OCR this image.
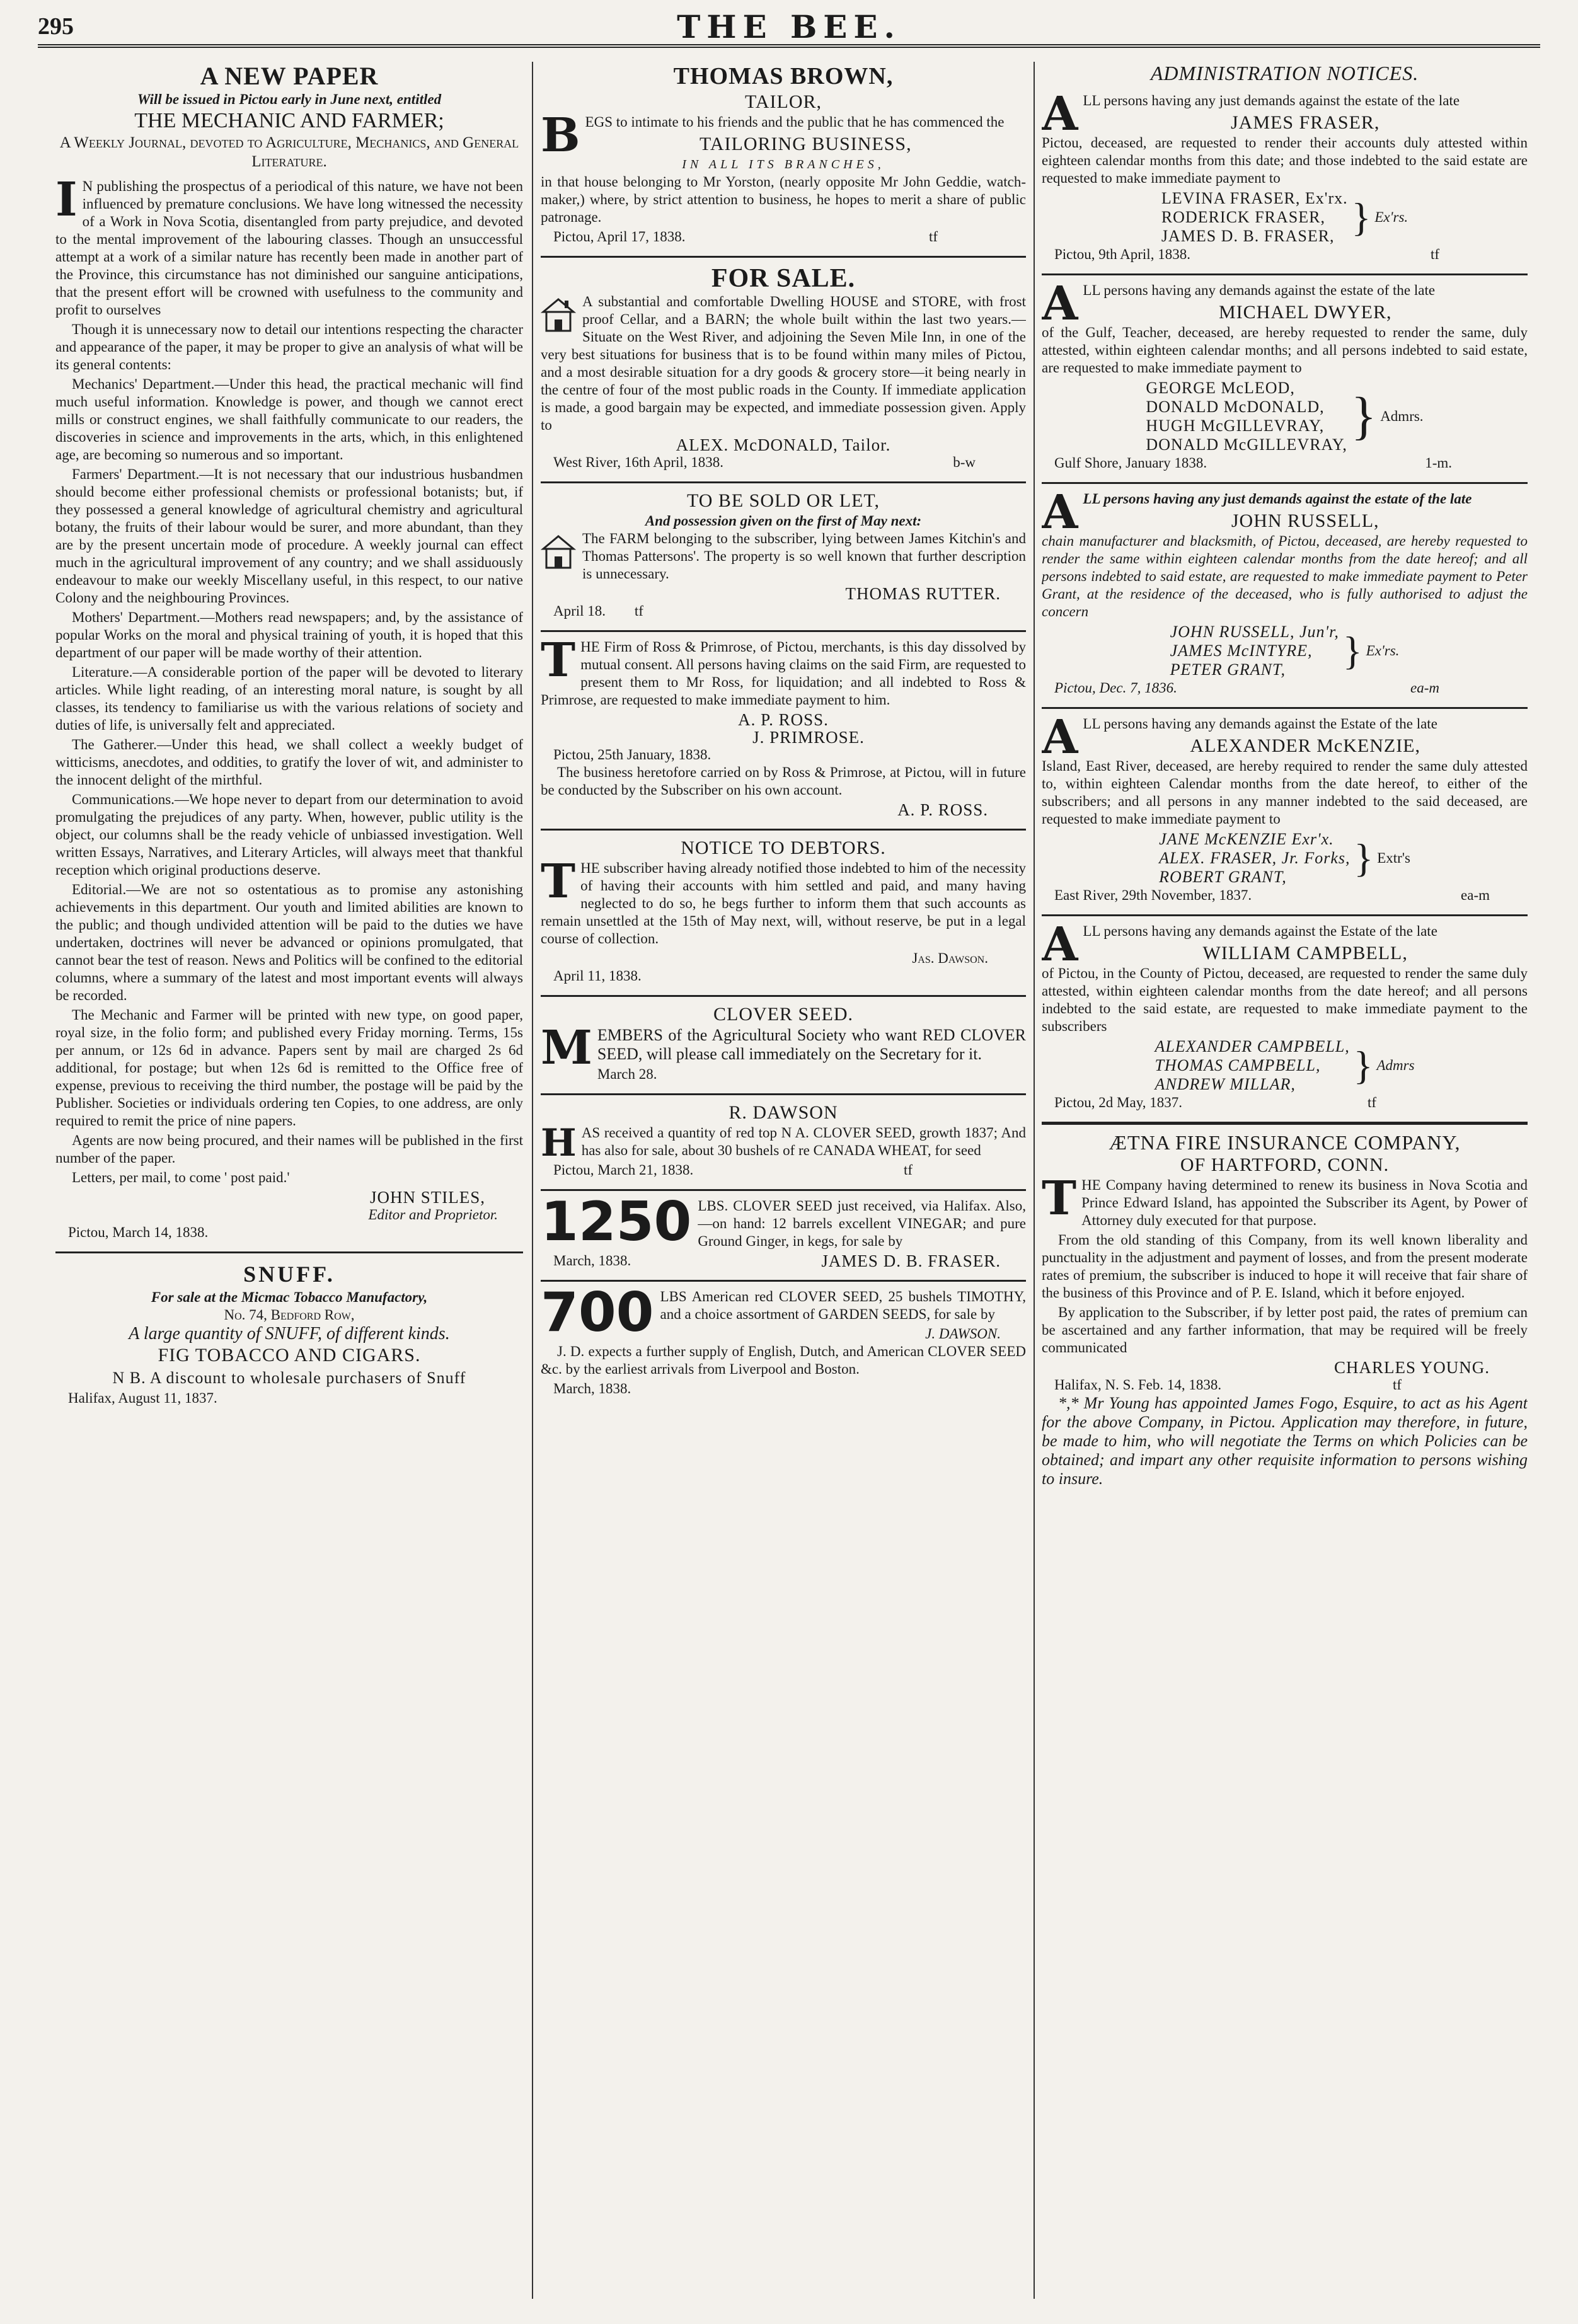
295	THE BEE.
A NEW PAPER
Will be issued in Pictou early in June next, entitled
THE MECHANIC AND FARMER;
A Weekly Journal, devoted to Agriculture, Mechanics, and General Literature.
I N publishing the prospectus of a periodical of this nature, we have not been influenced by premature conclusions. We have long witnessed the necessity of a Work in Nova Scotia, disentangled from party prejudice, and devoted to the mental improvement of the labouring classes. Though an unsuccessful attempt at a work of a similar nature has recently been made in another part of the Province, this circumstance has not diminished our sanguine anticipations, that the present effort will be crowned with usefulness to the community and profit to ourselves

Though it is unnecessary now to detail our intentions respecting the character and appearance of the paper, it may be proper to give an analysis of what will be its general contents:

Mechanics' Department.—Under this head, the practical mechanic will find much useful information. Knowledge is power, and though we cannot erect mills or construct engines, we shall faithfully communicate to our readers, the discoveries in science and improvements in the arts, which, in this enlightened age, are becoming so numerous and so important.

Farmers' Department.—It is not necessary that our industrious husbandmen should become either professional chemists or professional botanists; but, if they possessed a general knowledge of agricultural chemistry and agricultural botany, the fruits of their labour would be surer, and more abundant, than they are by the present uncertain mode of procedure. A weekly journal can effect much in the agricultural improvement of any country; and we shall assiduously endeavour to make our weekly Miscellany useful, in this respect, to our native Colony and the neighbouring Provinces.

Mothers' Department.—Mothers read newspapers; and, by the assistance of popular Works on the moral and physical training of youth, it is hoped that this department of our paper will be made worthy of their attention.

Literature.—A considerable portion of the paper will be devoted to literary articles. While light reading, of an interesting moral nature, is sought by all classes, its tendency to familiarise us with the various relations of society and duties of life, is universally felt and appreciated.

The Gatherer.—Under this head, we shall collect a weekly budget of witticisms, anecdotes, and oddities, to gratify the lover of wit, and administer to the innocent delight of the mirthful.

Communications.—We hope never to depart from our determination to avoid promulgating the prejudices of any party. When, however, public utility is the object, our columns shall be the ready vehicle of unbiassed investigation. Well written Essays, Narratives, and Literary Articles, will always meet that thankful reception which original productions deserve.

Editorial.—We are not so ostentatious as to promise any astonishing achievements in this department. Our youth and limited abilities are known to the public; and though undivided attention will be paid to the duties we have undertaken, doctrines will never be advanced or opinions promulgated, that cannot bear the test of reason. News and Politics will be confined to the editorial columns, where a summary of the latest and most important events will always be recorded.

The Mechanic and Farmer will be printed with new type, on good paper, royal size, in the folio form; and published every Friday morning. Terms, 15s per annum, or 12s 6d in advance. Papers sent by mail are charged 2s 6d additional, for postage; but when 12s 6d is remitted to the Office free of expense, previous to receiving the third number, the postage will be paid by the Publisher. Societies or individuals ordering ten Copies, to one address, are only required to remit the price of nine papers.

Agents are now being procured, and their names will be published in the first number of the paper.

Letters, per mail, to come ' post paid.'

JOHN STILES,
Editor and Proprietor.
Pictou, March 14, 1838.
SNUFF.
For sale at the Micmac Tobacco Manufactory,
No. 74, Bedford Row,
A large quantity of SNUFF, of different kinds.
FIG TOBACCO AND CIGARS.
N B. A discount to wholesale purchasers of Snuff
Halifax, August 11, 1837.
THOMAS BROWN,
TAILOR,
B EGS to intimate to his friends and the public that he has commenced the

TAILORING BUSINESS,
IN ALL ITS BRANCHES,

in that house belonging to Mr Yorston, (nearly opposite Mr John Geddie, watch-maker,) where, by strict attention to business, he hopes to merit a share of public patronage.

Pictou, April 17, 1838.	tf
FOR SALE.

A substantial and comfortable Dwelling HOUSE and STORE, with frost proof Cellar, and a BARN; the whole built within the last two years.—Situate on the West River, and adjoining the Seven Mile Inn, in one of the very best situations for business that is to be found within many miles of Pictou, and a most desirable situation for a dry goods & grocery store—it being nearly in the centre of four of the most public roads in the County. If immediate application is made, a good bargain may be expected, and immediate possession given. Apply to

ALEX. McDONALD, Tailor.
West River, 16th April, 1838.	b-w
TO BE SOLD OR LET,
And possession given on the first of May next:

The FARM belonging to the subscriber, lying between James Kitchin's and Thomas Pattersons'. The property is so well known that further description is unnecessary.

THOMAS RUTTER.
April 18. tf
T HE Firm of Ross & Primrose, of Pictou, merchants, is this day dissolved by mutual consent. All persons having claims on the said Firm, are requested to present them to Mr Ross, for liquidation; and all indebted to Ross & Primrose, are requested to make immediate payment to him.

A. P. ROSS.
J. PRIMROSE.
Pictou, 25th January, 1838.

The business heretofore carried on by Ross & Primrose, at Pictou, will in future be conducted by the Subscriber on his own account.

A. P. ROSS.
NOTICE TO DEBTORS.
T HE subscriber having already notified those indebted to him of the necessity of having their accounts with him settled and paid, and many having neglected to do so, he begs further to inform them that such accounts as remain unsettled at the 15th of May next, will, without reserve, be put in a legal course of collection.

Jas. Dawson.
April 11, 1838.
CLOVER SEED.
M EMBERS of the Agricultural Society who want RED CLOVER SEED, will please call immediately on the Secretary for it.

March 28.
R. DAWSON
H AS received a quantity of red top N A. CLOVER SEED, growth 1837; And has also for sale, about 30 bushels of re CANADA WHEAT, for seed

Pictou, March 21, 1838.	tf
1250 LBS. CLOVER SEED just received, via Halifax. Also,—on hand: 12 barrels excellent VINEGAR; and pure Ground Ginger, in kegs, for sale by

March, 1838.	JAMES D. B. FRASER.
700 LBS American red CLOVER SEED, 25 bushels TIMOTHY, and a choice assortment of GARDEN SEEDS, for sale by

J. DAWSON.

J. D. expects a further supply of English, Dutch, and American CLOVER SEED &c. by the earliest arrivals from Liverpool and Boston.

March, 1838.
ADMINISTRATION NOTICES.
A LL persons having any just demands against the estate of the late

JAMES FRASER,

Pictou, deceased, are requested to render their accounts duly attested within eighteen calendar months from this date; and those indebted to the said estate are requested to make immediate payment to

LEVINA FRASER, Ex'rx.
RODERICK FRASER,
JAMES D. B. FRASER, } Ex'rs.
Pictou, 9th April, 1838.	tf
A LL persons having any demands against the estate of the late

MICHAEL DWYER,

of the Gulf, Teacher, deceased, are hereby requested to render the same, duly attested, within eighteen calendar months; and all persons indebted to said estate, are requested to make immediate payment to

GEORGE McLEOD,
DONALD McDONALD,
HUGH McGILLEVRAY,
DONALD McGILLEVRAY, } Admrs.
Gulf Shore, January 1838.	1-m.
A LL persons having any just demands against the estate of the late

JOHN RUSSELL,

chain manufacturer and blacksmith, of Pictou, deceased, are hereby requested to render the same within eighteen calendar months from the date hereof; and all persons indebted to said estate, are requested to make immediate payment to Peter Grant, at the residence of the deceased, who is fully authorised to adjust the concern

JOHN RUSSELL, Jun'r,
JAMES McINTYRE,
PETER GRANT,	} Ex'rs.
Pictou, Dec. 7, 1836.	ea-m
A LL persons having any demands against the Estate of the late

ALEXANDER McKENZIE,

Island, East River, deceased, are hereby required to render the same duly attested to, within eighteen Calendar months from the date hereof, to either of the subscribers; and all persons in any manner indebted to the said deceased, are requested to make immediate payment to

JANE McKENZIE Exr'x.
ALEX. FRASER, Jr. Forks,
ROBERT GRANT,	} Extr's
East River, 29th November, 1837.	ea-m
A LL persons having any demands against the Estate of the late

WILLIAM CAMPBELL,

of Pictou, in the County of Pictou, deceased, are requested to render the same duly attested, within eighteen calendar months from the date hereof; and all persons indebted to the said estate, are requested to make immediate payment to the subscribers

ALEXANDER CAMPBELL,
THOMAS CAMPBELL,
ANDREW MILLAR,	} Admrs
Pictou, 2d May, 1837.	tf
ÆTNA FIRE INSURANCE COMPANY,
OF HARTFORD, CONN.
T HE Company having determined to renew its business in Nova Scotia and Prince Edward Island, has appointed the Subscriber its Agent, by Power of Attorney duly executed for that purpose.

From the old standing of this Company, from its well known liberality and punctuality in the adjustment and payment of losses, and from the present moderate rates of premium, the subscriber is induced to hope it will receive that fair share of the business of this Province and of P. E. Island, which it before enjoyed.

By application to the Subscriber, if by letter post paid, the rates of premium can be ascertained and any farther information, that may be required will be freely communicated

CHARLES YOUNG.
Halifax, N. S. Feb. 14, 1838.	tf

*,* Mr Young has appointed James Fogo, Esquire, to act as his Agent for the above Company, in Pictou. Application may therefore, in future, be made to him, who will negotiate the Terms on which Policies can be obtained; and impart any other requisite information to persons wishing to insure.
